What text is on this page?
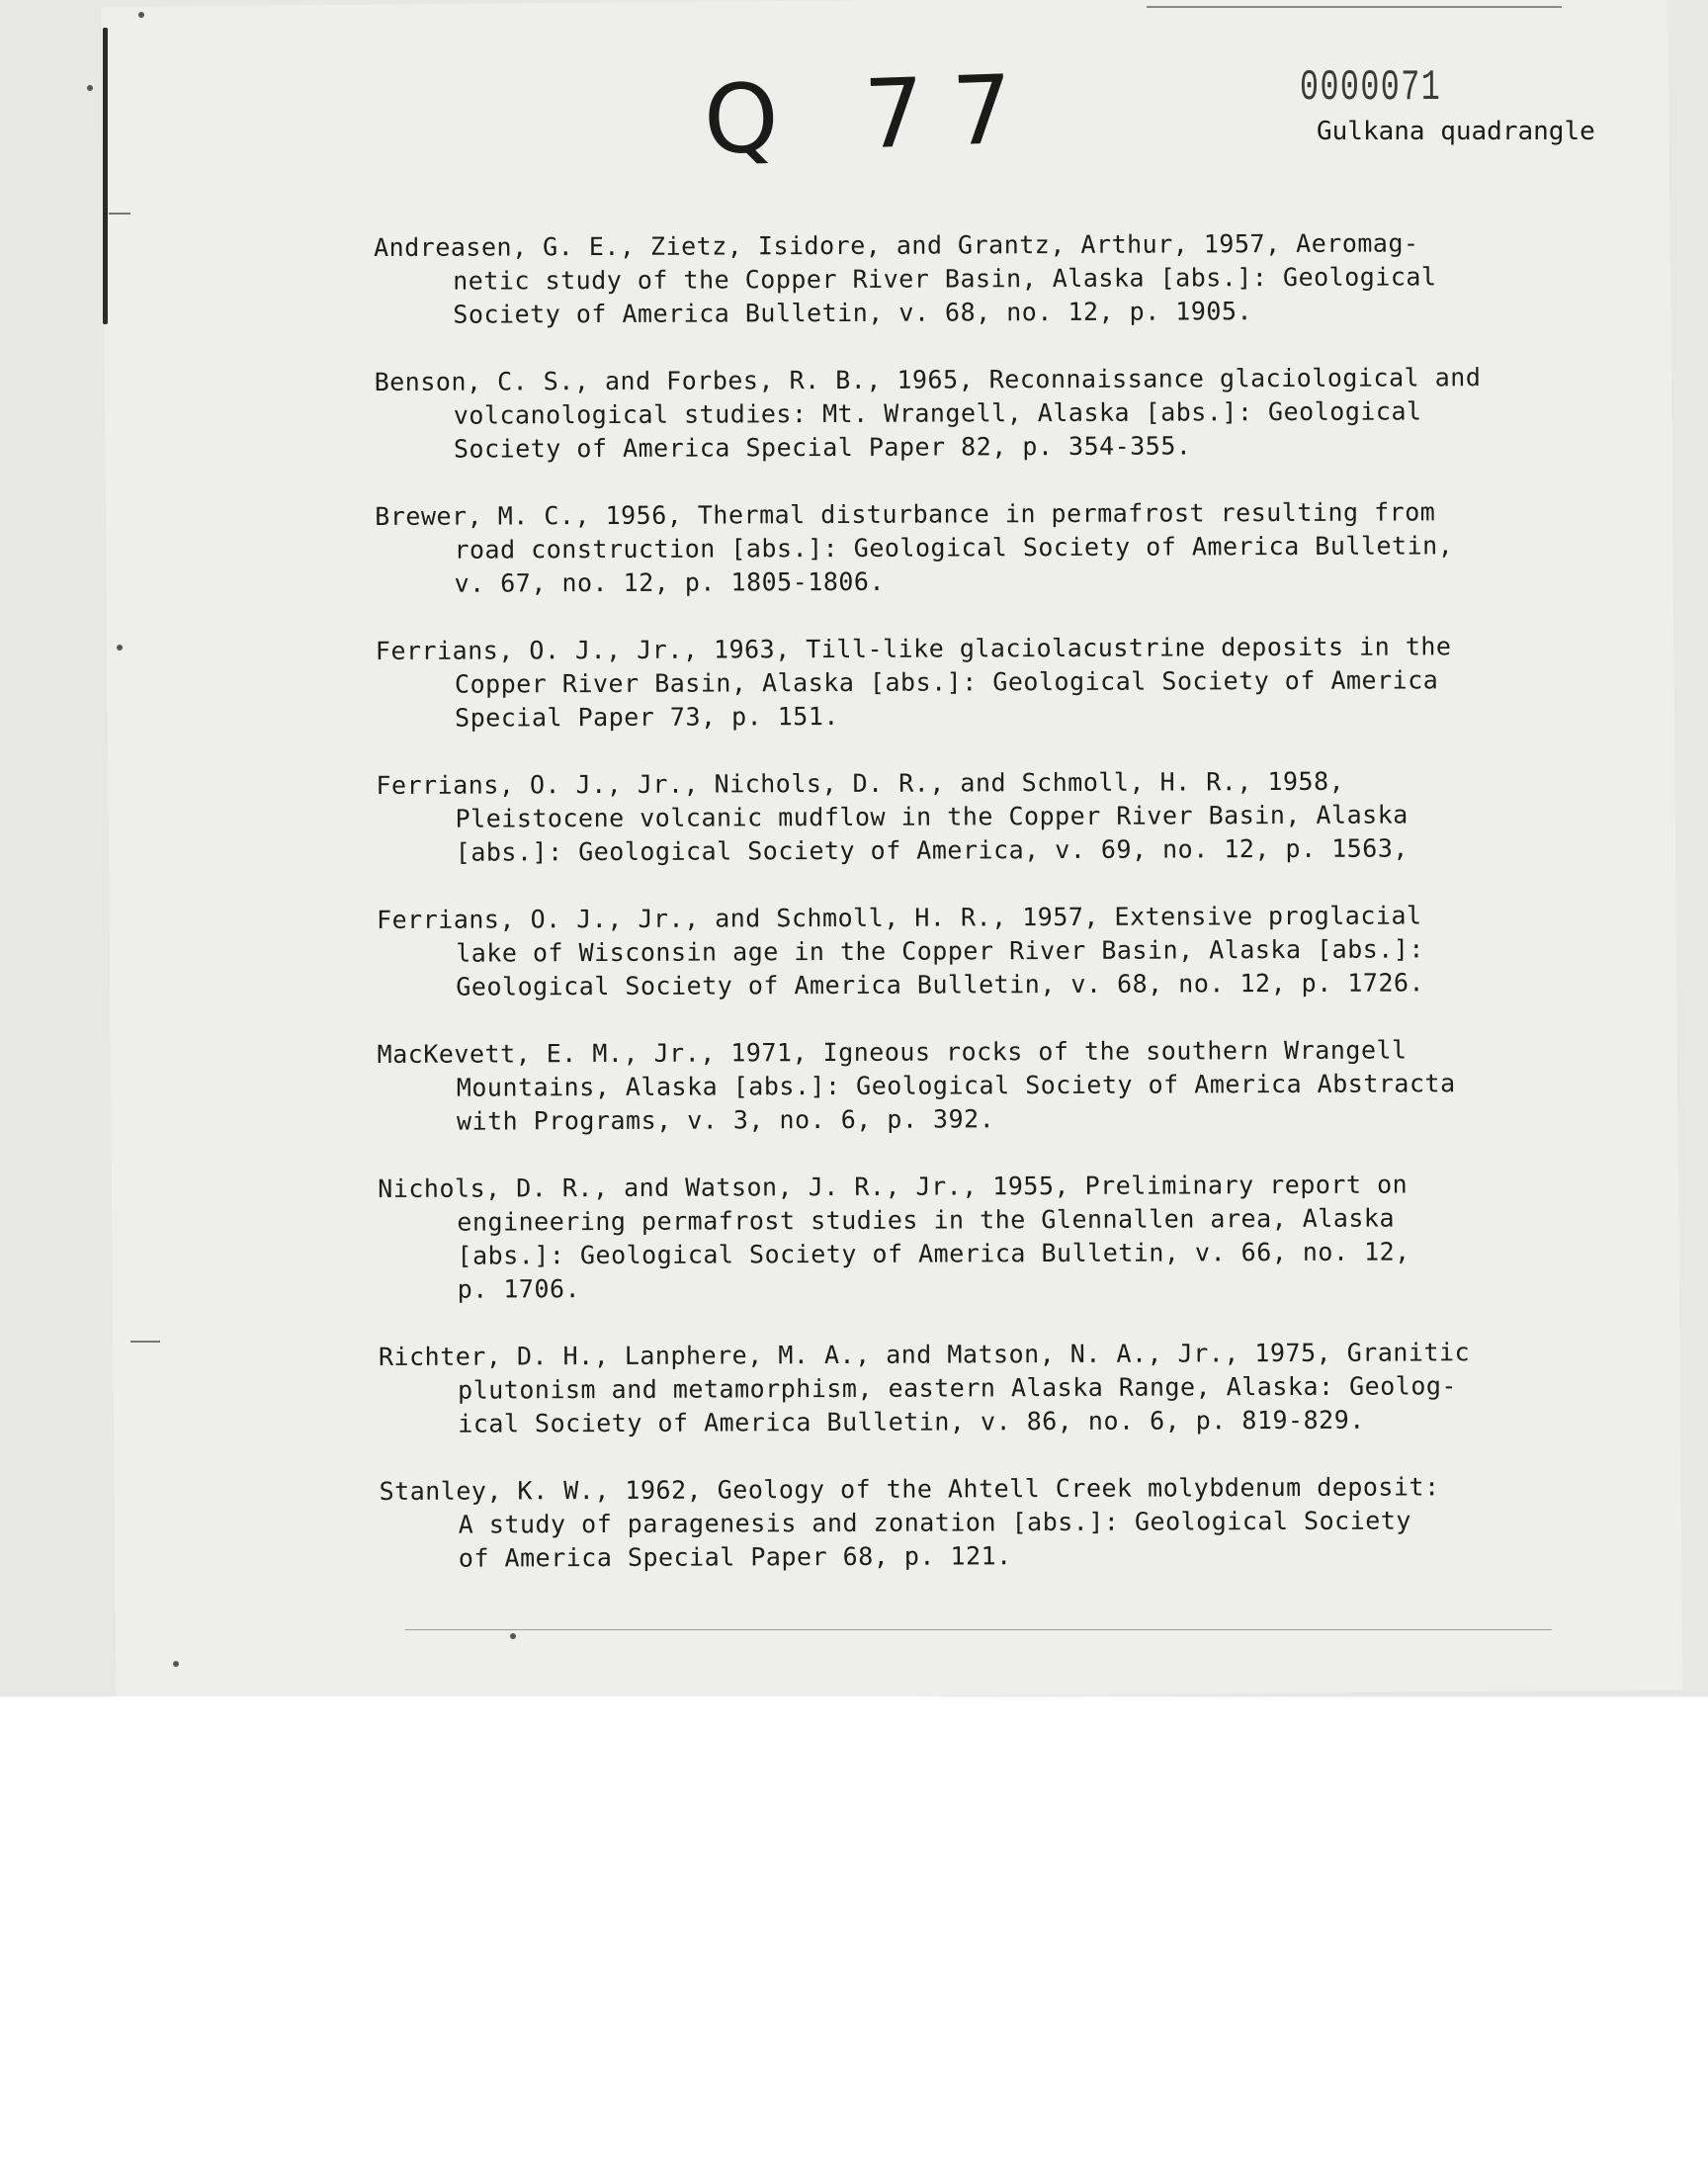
Q 77	0000071
Gulkana quadrangle
Andreasen, G. E., Zietz, Isidore, and Grantz, Arthur, 1957, Aeromag-
netic study of the Copper River Basin, Alaska [abs.]: Geological
Society of America Bulletin, v. 68, no. 12, p. 1905.
Benson, C. S., and Forbes, R. B., 1965, Reconnaissance glaciological and
volcanological studies: Mt. Wrangell, Alaska [abs.]: Geological
Society of America Special Paper 82, p. 354-355.
Brewer, M. C., 1956, Thermal disturbance in permafrost resulting from
road construction [abs.]: Geological Society of America Bulletin,
v. 67, no. 12, p. 1805-1806.
Ferrians, O. J., Jr., 1963, Till-like glaciolacustrine deposits in the
Copper River Basin, Alaska [abs.]: Geological Society of America
Special Paper 73, p. 151.
Ferrians, O. J., Jr., Nichols, D. R., and Schmoll, H. R., 1958,
Pleistocene volcanic mudflow in the Copper River Basin, Alaska
[abs.]: Geological Society of America, v. 69, no. 12, p. 1563,
Ferrians, O. J., Jr., and Schmoll, H. R., 1957, Extensive proglacial
lake of Wisconsin age in the Copper River Basin, Alaska [abs.]:
Geological Society of America Bulletin, v. 68, no. 12, p. 1726.
MacKevett, E. M., Jr., 1971, Igneous rocks of the southern Wrangell
Mountains, Alaska [abs.]: Geological Society of America Abstracta
with Programs, v. 3, no. 6, p. 392.
Nichols, D. R., and Watson, J. R., Jr., 1955, Preliminary report on
engineering permafrost studies in the Glennallen area, Alaska
[abs.]: Geological Society of America Bulletin, v. 66, no. 12,
p. 1706.
Richter, D. H., Lanphere, M. A., and Matson, N. A., Jr., 1975, Granitic
plutonism and metamorphism, eastern Alaska Range, Alaska: Geolog-
ical Society of America Bulletin, v. 86, no. 6, p. 819-829.
Stanley, K. W., 1962, Geology of the Ahtell Creek molybdenum deposit:
A study of paragenesis and zonation [abs.]: Geological Society
of America Special Paper 68, p. 121.
